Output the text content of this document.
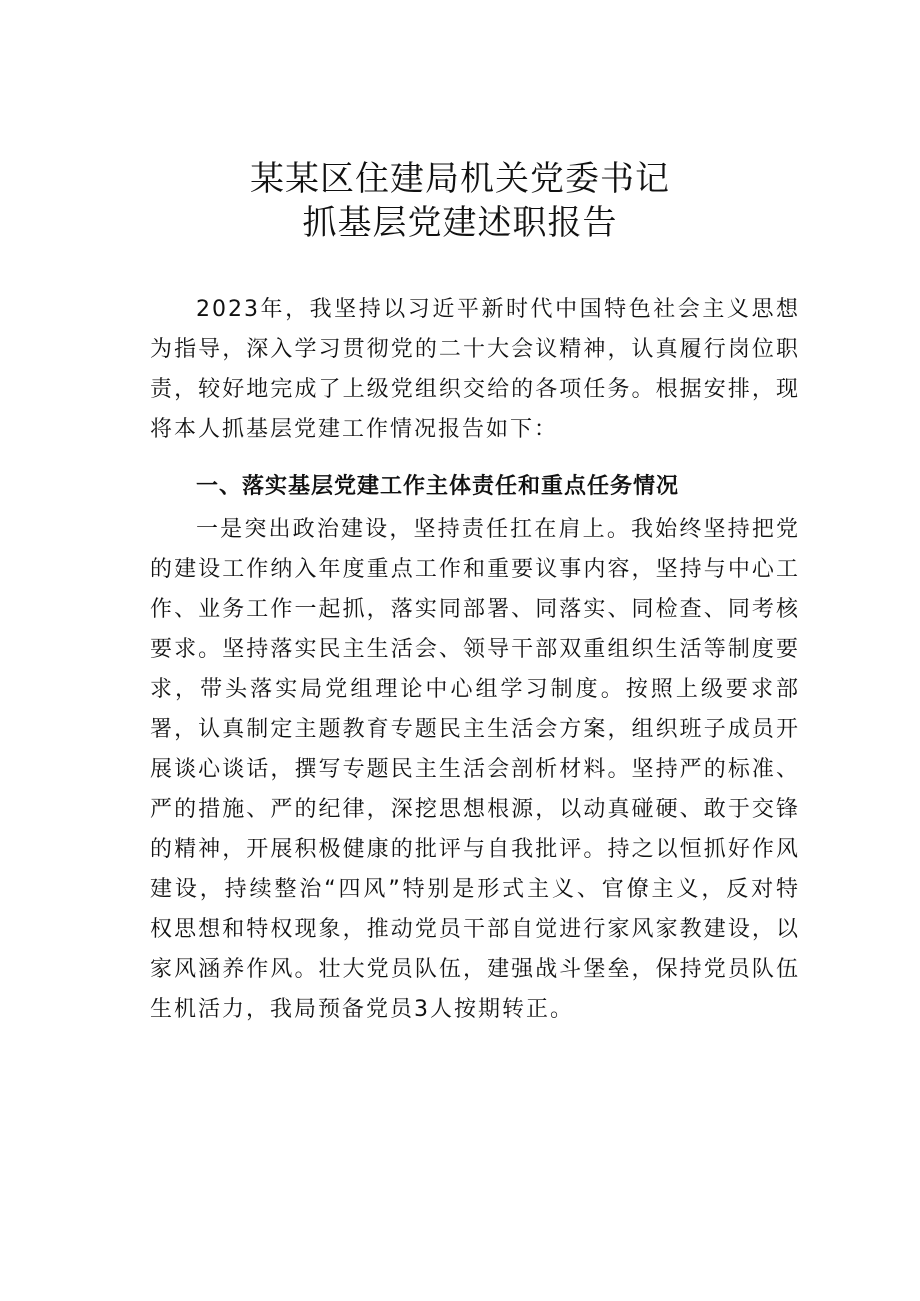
某某区住建局机关党委书记
抓基层党建述职报告
2023年，我坚持以习近平新时代中国特色社会主义思想为指导，深入学习贯彻党的二十大会议精神，认真履行岗位职责，较好地完成了上级党组织交给的各项任务。根据安排，现将本人抓基层党建工作情况报告如下：
一、落实基层党建工作主体责任和重点任务情况
一是突出政治建设，坚持责任扛在肩上。我始终坚持把党的建设工作纳入年度重点工作和重要议事内容，坚持与中心工作、业务工作一起抓，落实同部署、同落实、同检查、同考核要求。坚持落实民主生活会、领导干部双重组织生活等制度要求，带头落实局党组理论中心组学习制度。按照上级要求部署，认真制定主题教育专题民主生活会方案，组织班子成员开展谈心谈话，撰写专题民主生活会剖析材料。坚持严的标准、严的措施、严的纪律，深挖思想根源，以动真碰硬、敢于交锋的精神，开展积极健康的批评与自我批评。持之以恒抓好作风建设，持续整治“四风”特别是形式主义、官僚主义，反对特权思想和特权现象，推动党员干部自觉进行家风家教建设，以家风涵养作风。壮大党员队伍，建强战斗堡垒，保持党员队伍生机活力，我局预备党员3人按期转正。
